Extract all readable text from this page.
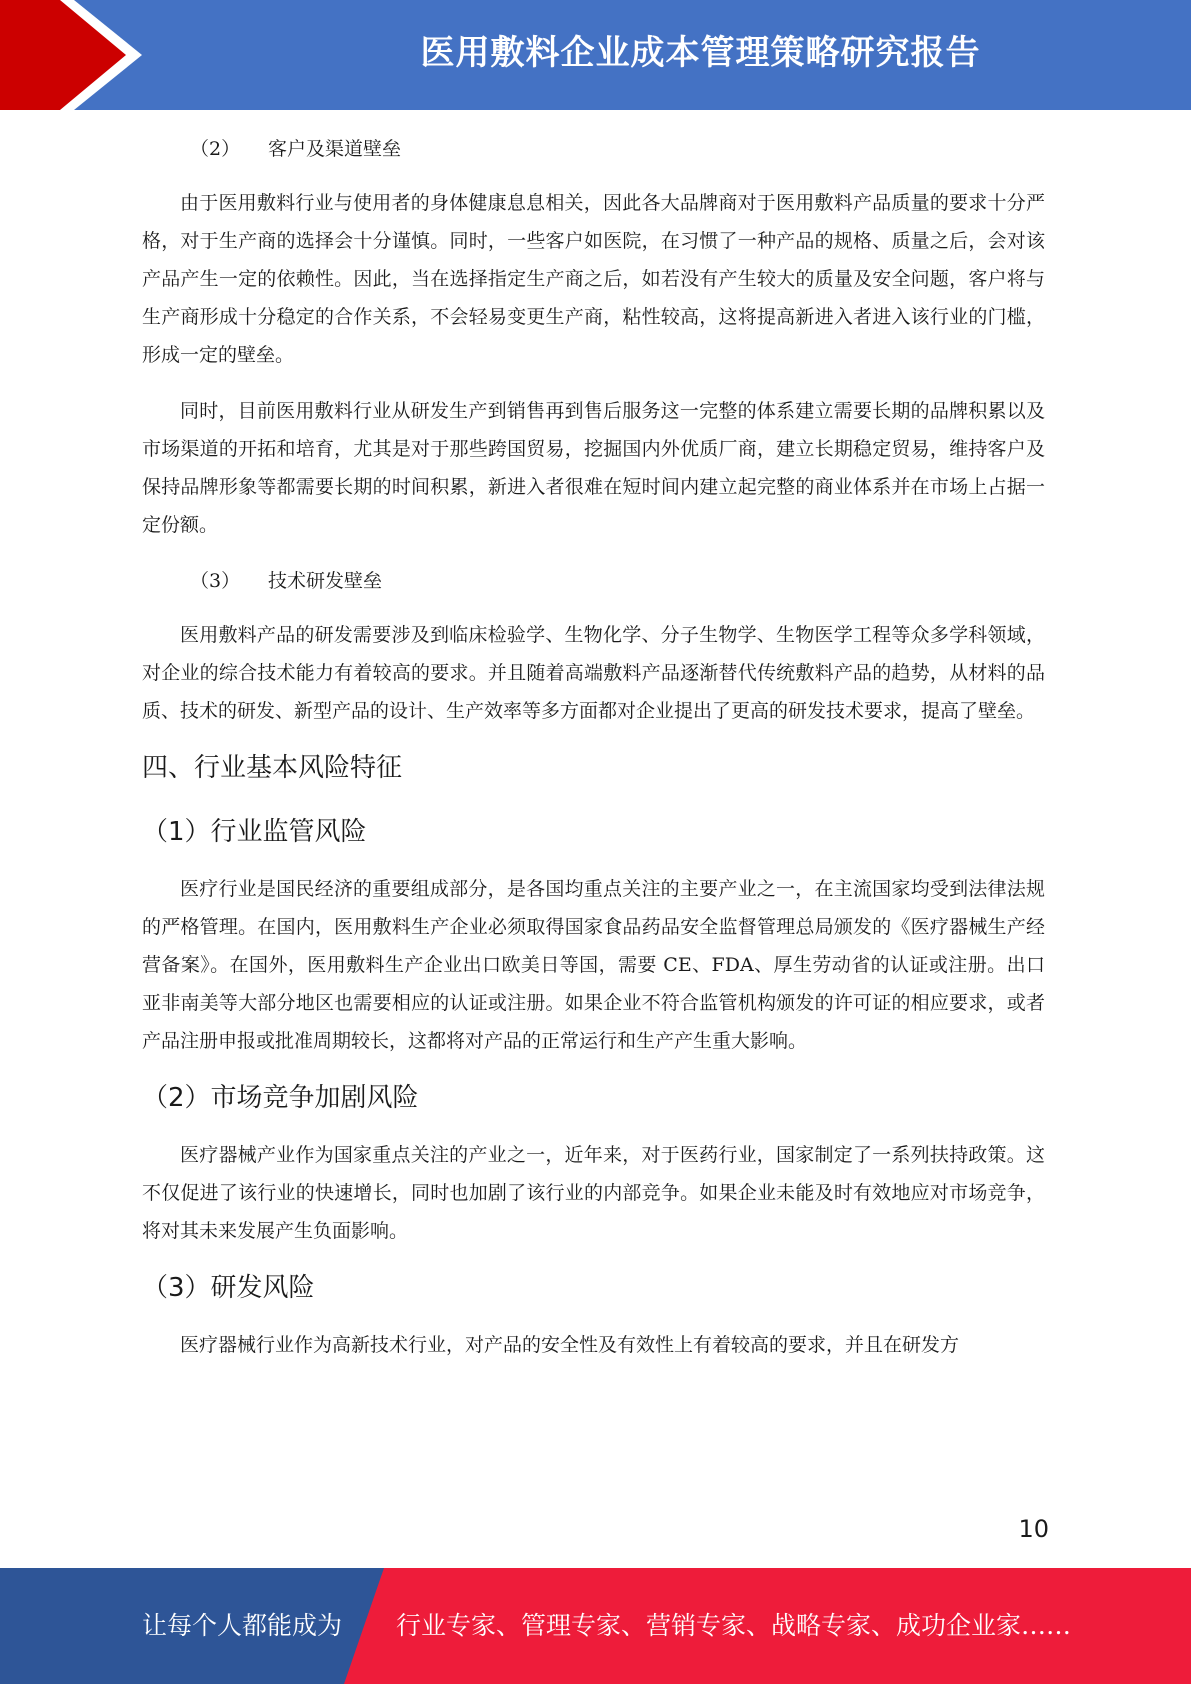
医用敷料企业成本管理策略研究报告
（2） 客户及渠道壁垒

由于医用敷料行业与使用者的身体健康息息相关，因此各大品牌商对于医用敷料产品质量的要求十分严格，对于生产商的选择会十分谨慎。同时，一些客户如医院，在习惯了一种产品的规格、质量之后，会对该产品产生一定的依赖性。因此，当在选择指定生产商之后，如若没有产生较大的质量及安全问题，客户将与生产商形成十分稳定的合作关系，不会轻易变更生产商，粘性较高，这将提高新进入者进入该行业的门槛，形成一定的壁垒。

同时，目前医用敷料行业从研发生产到销售再到售后服务这一完整的体系建立需要长期的品牌积累以及市场渠道的开拓和培育，尤其是对于那些跨国贸易，挖掘国内外优质厂商，建立长期稳定贸易，维持客户及保持品牌形象等都需要长期的时间积累，新进入者很难在短时间内建立起完整的商业体系并在市场上占据一定份额。

（3） 技术研发壁垒

医用敷料产品的研发需要涉及到临床检验学、生物化学、分子生物学、生物医学工程等众多学科领域，对企业的综合技术能力有着较高的要求。并且随着高端敷料产品逐渐替代传统敷料产品的趋势，从材料的品质、技术的研发、新型产品的设计、生产效率等多方面都对企业提出了更高的研发技术要求，提高了壁垒。

四、行业基本风险特征
（1）行业监管风险

医疗行业是国民经济的重要组成部分，是各国均重点关注的主要产业之一，在主流国家均受到法律法规的严格管理。在国内，医用敷料生产企业必须取得国家食品药品安全监督管理总局颁发的《医疗器械生产经营备案》。在国外，医用敷料生产企业出口欧美日等国，需要 CE、FDA、厚生劳动省的认证或注册。出口亚非南美等大部分地区也需要相应的认证或注册。如果企业不符合监管机构颁发的许可证的相应要求，或者产品注册申报或批准周期较长，这都将对产品的正常运行和生产产生重大影响。

（2）市场竞争加剧风险

医疗器械产业作为国家重点关注的产业之一，近年来，对于医药行业，国家制定了一系列扶持政策。这不仅促进了该行业的快速增长，同时也加剧了该行业的内部竞争。如果企业未能及时有效地应对市场竞争，将对其未来发展产生负面影响。

（3）研发风险

医疗器械行业作为高新技术行业，对产品的安全性及有效性上有着较高的要求，并且在研发方

10
让每个人都能成为 行业专家、管理专家、营销专家、战略专家、成功企业家……
